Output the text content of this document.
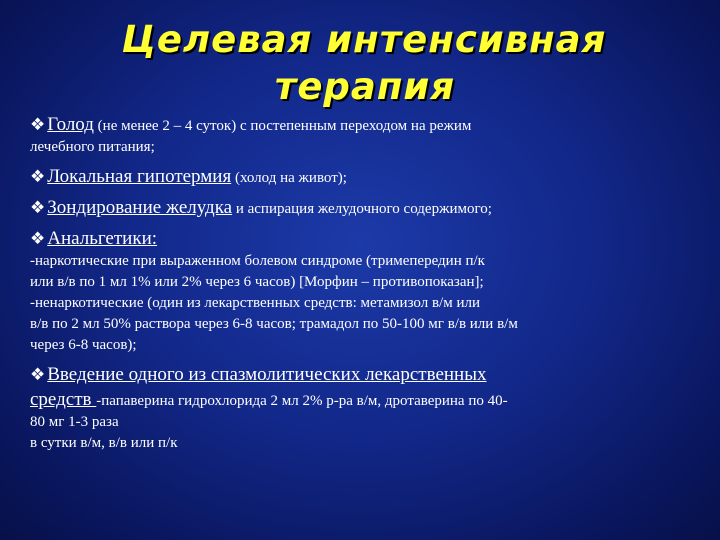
Целевая интенсивная
терапия
❖ Голод (не менее 2 – 4 суток) с постепенным переходом на режим
лечебного питания;
❖ Локальная гипотермия (холод на живот);
❖ Зондирование желудка и аспирация желудочного содержимого;
❖ Анальгетики:
-наркотические при выраженном болевом синдроме (тримепередин п/к
или в/в по 1 мл 1% или 2% через 6 часов) [Морфин – противопоказан];
-ненаркотические (один из лекарственных средств: метамизол в/м или
в/в по 2 мл 50% раствора через 6-8 часов; трамадол по 50-100 мг в/в или в/м
через 6-8 часов);
❖ Введение одного из спазмолитических лекарственных
средств -папаверина гидрохлорида 2 мл 2% р-ра в/м, дротаверина по 40-
80 мг 1-3 раза
в сутки в/м, в/в или п/к
